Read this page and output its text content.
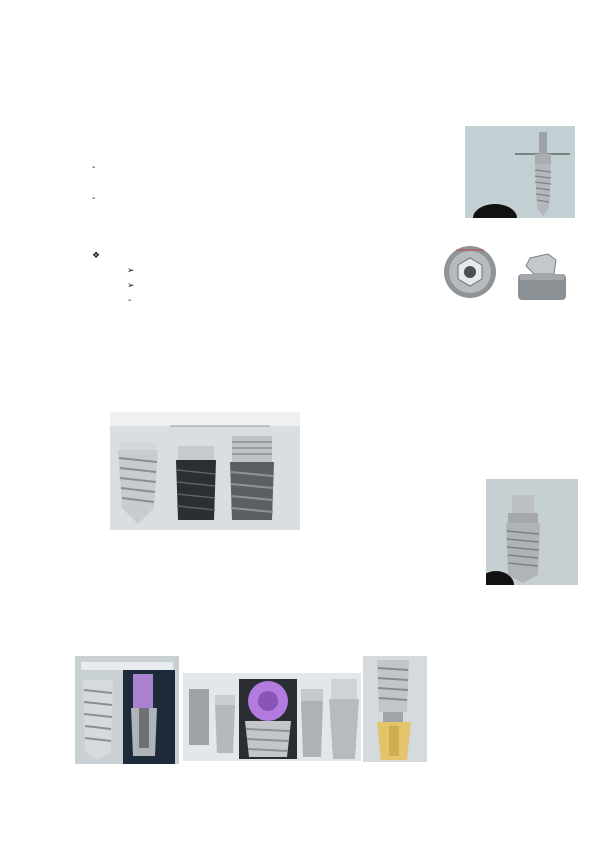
-
-
❖
➢
➢
-
